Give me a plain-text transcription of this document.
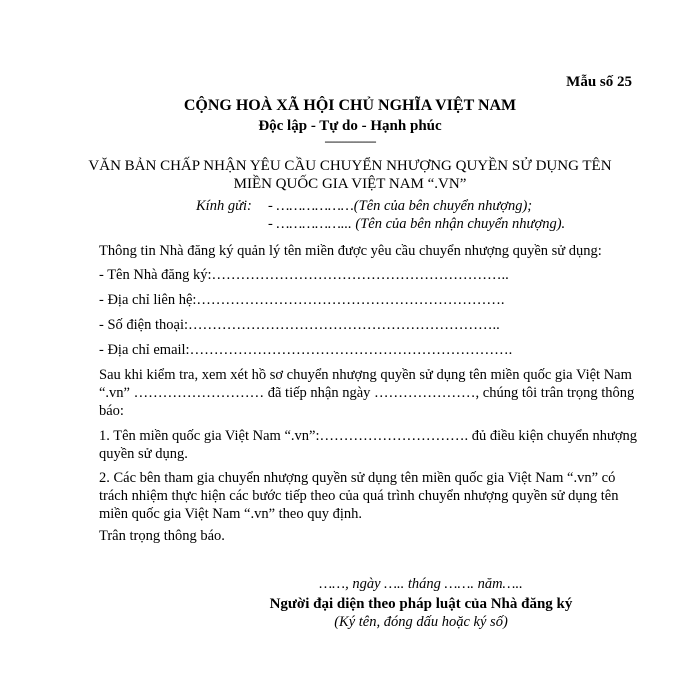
Mẫu số 25
CỘNG HOÀ XÃ HỘI CHỦ NGHĨA VIỆT NAM
Độc lập - Tự do - Hạnh phúc
-----------------
VĂN BẢN CHẤP NHẬN YÊU CẦU CHUYỂN NHƯỢNG QUYỀN SỬ DỤNG TÊN MIỀN QUỐC GIA VIỆT NAM “.VN”
Kính gửi: - ………………(Tên của bên chuyển nhượng);
- ……………... (Tên của bên nhận chuyển nhượng).
Thông tin Nhà đăng ký quản lý tên miền được yêu cầu chuyển nhượng quyền sử dụng:
- Tên Nhà đăng ký:……………………………………………………..
- Địa chỉ liên hệ:……………………………………………………….
- Số điện thoại:………………………………………………………..
- Địa chỉ email:………………………………………………………….
Sau khi kiểm tra, xem xét hồ sơ chuyển nhượng quyền sử dụng tên miền quốc gia Việt Nam “.vn” ……………………… đã tiếp nhận ngày …………………, chúng tôi trân trọng thông báo:
1. Tên miền quốc gia Việt Nam “.vn”:…………………………. đủ điều kiện chuyển nhượng quyền sử dụng.
2. Các bên tham gia chuyển nhượng quyền sử dụng tên miền quốc gia Việt Nam “.vn” có trách nhiệm thực hiện các bước tiếp theo của quá trình chuyển nhượng quyền sử dụng tên miền quốc gia Việt Nam “.vn” theo quy định.
Trân trọng thông báo.
……, ngày ….. tháng ……. năm…..
Người đại diện theo pháp luật của Nhà đăng ký
(Ký tên, đóng dấu hoặc ký số)
